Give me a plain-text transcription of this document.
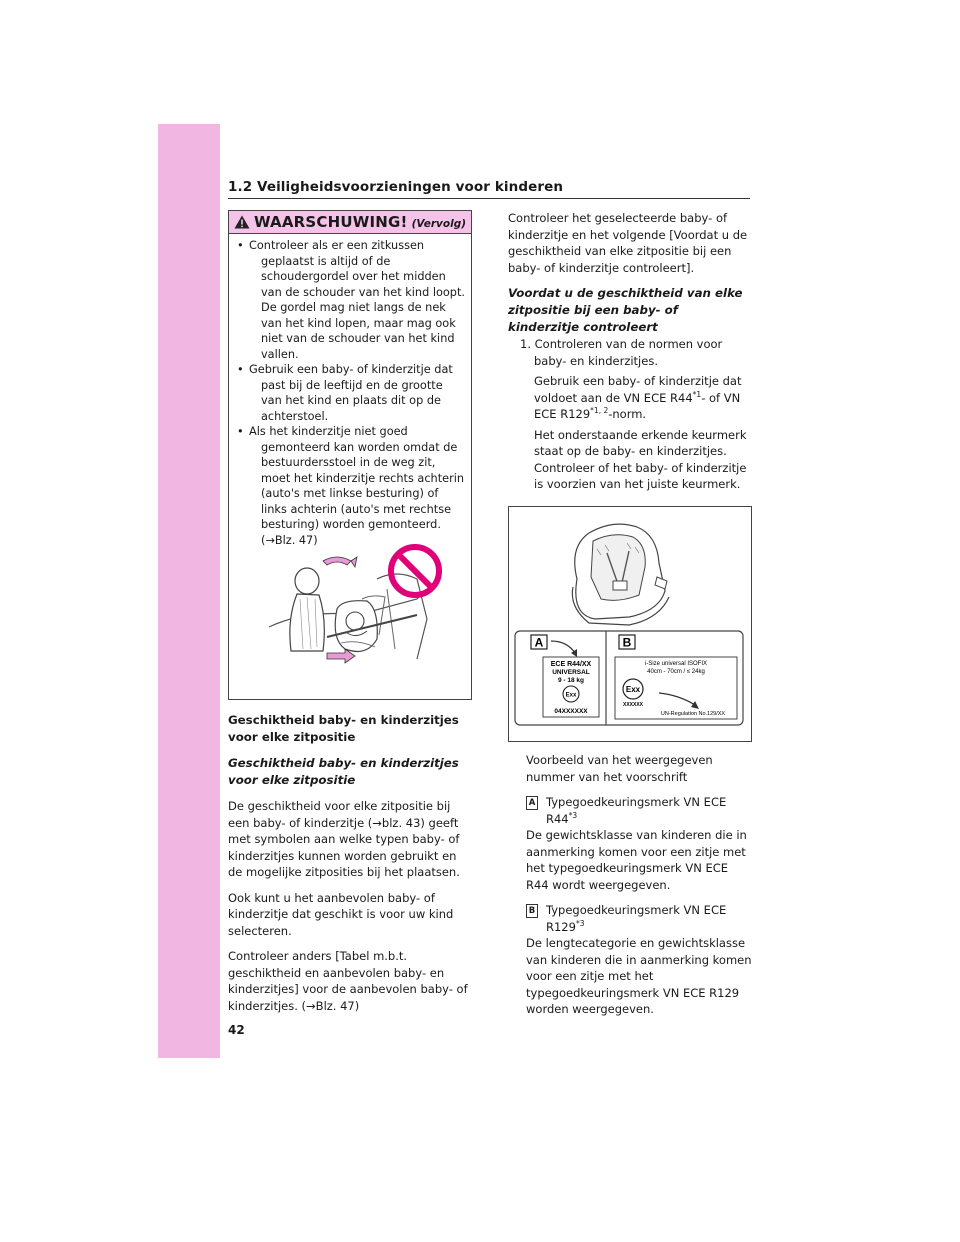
1.2 Veiligheidsvoorzieningen voor kinderen
WAARSCHUWING! (Vervolg)
• Controleer als er een zitkussen
geplaatst is altijd of de schoudergordel over het midden van de schouder van het kind loopt. De gordel mag niet langs de nek van het kind lopen, maar mag ook niet van de schouder van het kind vallen.
• Gebruik een baby- of kinderzitje dat
past bij de leeftijd en de grootte van het kind en plaats dit op de achterstoel.
• Als het kinderzitje niet goed
gemonteerd kan worden omdat de bestuurdersstoel in de weg zit, moet het kinderzitje rechts achterin (auto's met linkse besturing) of links achterin (auto's met rechtse besturing) worden gemonteerd. (→Blz. 47)

Geschiktheid baby- en kinderzitjes voor elke zitpositie

Geschiktheid baby- en kinderzitjes voor elke zitpositie

De geschiktheid voor elke zitpositie bij een baby- of kinderzitje (→blz. 43) geeft met symbolen aan welke typen baby- of kinderzitjes kunnen worden gebruikt en de mogelijke zitposities bij het plaatsen.

Ook kunt u het aanbevolen baby- of kinderzitje dat geschikt is voor uw kind selecteren.

Controleer anders [Tabel m.b.t. geschiktheid en aanbevolen baby- en kinderzitjes] voor de aanbevolen baby- of kinderzitjes. (→Blz. 47)

Controleer het geselecteerde baby- of kinderzitje en het volgende [Voordat u de geschiktheid van elke zitpositie bij een baby- of kinderzitje controleert].

Voordat u de geschiktheid van elke zitpositie bij een baby- of kinderzitje controleert

1. Controleren van de normen voor

baby- en kinderzitjes.

Gebruik een baby- of kinderzitje dat voldoet aan de VN ECE R44$^{*1}$- of VN ECE R129$^{*1, 2}$-norm.

Het onderstaande erkende keurmerk staat op de baby- en kinderzitjes. Controleer of het baby- of kinderzitje is voorzien van het juiste keurmerk.

A
ECE R44/XX
UNIVERSAL
9 - 18 kg
Exx
04XXXXXX
B
i-Size universal ISOFIX
40cm - 70cm / ≤ 24kg
Exx
XXXXXX
UN-Regulation No.129/XX

Voorbeeld van het weergegeven nummer van het voorschrift

A Typegoedkeuringsmerk VN ECE R44$^{*3}$

De gewichtsklasse van kinderen die in aanmerking komen voor een zitje met het typegoedkeuringsmerk VN ECE R44 wordt weergegeven.

B Typegoedkeuringsmerk VN ECE R129$^{*3}$

De lengtecategorie en gewichtsklasse van kinderen die in aanmerking komen voor een zitje met het typegoedkeuringsmerk VN ECE R129 worden weergegeven.

42
